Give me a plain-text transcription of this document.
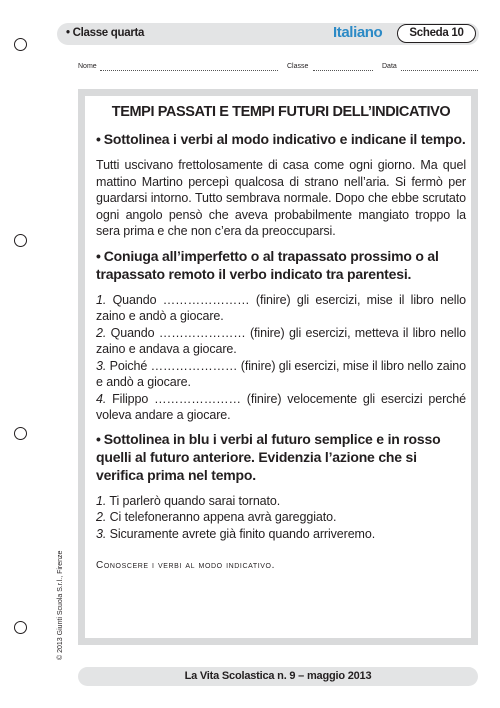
• Classe quarta	Italiano	Scheda 10
Nome	Classe	Data
TEMPI PASSATI E TEMPI FUTURI DELL’INDICATIVO
• Sottolinea i verbi al modo indicativo e indicane il tempo.
Tutti uscivano frettolosamente di casa come ogni giorno. Ma quel mattino Martino percepì qualcosa di strano nell’aria. Si fermò per guardarsi intorno. Tutto sembrava normale. Dopo che ebbe scrutato ogni angolo pensò che aveva probabilmente mangiato troppo la sera prima e che non c’era da preoccuparsi.
• Coniuga all’imperfetto o al trapassato prossimo o al trapassato remoto il verbo indicato tra parentesi.
1. Quando ………………… (finire) gli esercizi, mise il libro nello zaino e andò a giocare.
2. Quando ………………… (finire) gli esercizi, metteva il libro nello zaino e andava a giocare.
3. Poiché ………………… (finire) gli esercizi, mise il libro nello zaino e andò a giocare.
4. Filippo ………………… (finire) velocemente gli esercizi perché voleva andare a giocare.
• Sottolinea in blu i verbi al futuro semplice e in rosso quelli al futuro anteriore. Evidenzia l’azione che si verifica prima nel tempo.
1. Ti parlerò quando sarai tornato.
2. Ci telefoneranno appena avrà gareggiato.
3. Sicuramente avrete già finito quando arriveremo.
Conoscere i verbi al modo indicativo.
La Vita Scolastica n. 9 – maggio 2013
© 2013 Giunti Scuola S.r.l., Firenze
